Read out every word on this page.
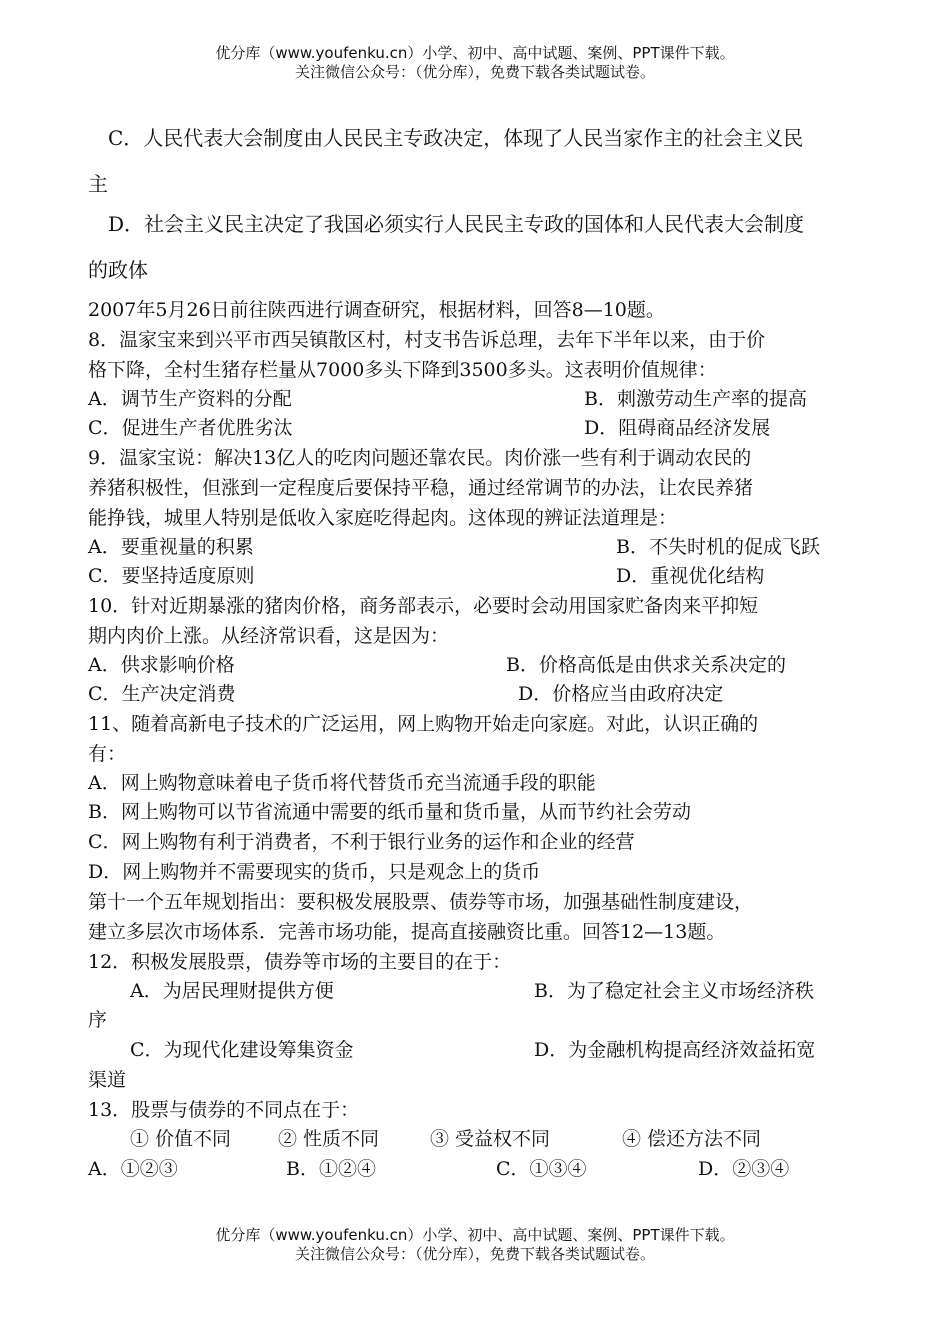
优分库（www.youfenku.cn）小学、初中、高中试题、案例、PPT课件下载。
关注微信公众号：（优分库），免费下载各类试题试卷。
C．人民代表大会制度由人民民主专政决定，体现了人民当家作主的社会主义民
主
D．社会主义民主决定了我国必须实行人民民主专政的国体和人民代表大会制度
的政体
2007年5月26日前往陕西进行调查研究，根据材料，回答8—10题。
8．温家宝来到兴平市西吴镇散区村，村支书告诉总理，去年下半年以来，由于价
格下降，全村生猪存栏量从7000多头下降到3500多头。这表明价值规律：
A．调节生产资料的分配	B．刺激劳动生产率的提高
C．促进生产者优胜劣汰	D．阻碍商品经济发展
9．温家宝说：解决13亿人的吃肉问题还靠农民。肉价涨一些有利于调动农民的
养猪积极性，但涨到一定程度后要保持平稳，通过经常调节的办法，让农民养猪
能挣钱，城里人特别是低收入家庭吃得起肉。这体现的辨证法道理是：
A．要重视量的积累	B．不失时机的促成飞跃
C．要坚持适度原则	D．重视优化结构
10．针对近期暴涨的猪肉价格，商务部表示，必要时会动用国家贮备肉来平抑短
期内肉价上涨。从经济常识看，这是因为：
A．供求影响价格	B．价格高低是由供求关系决定的
C．生产决定消费	D．价格应当由政府决定
11、随着高新电子技术的广泛运用，网上购物开始走向家庭。对此，认识正确的
有：
A．网上购物意味着电子货币将代替货币充当流通手段的职能
B．网上购物可以节省流通中需要的纸币量和货币量，从而节约社会劳动
C．网上购物有利于消费者，不利于银行业务的运作和企业的经营
D．网上购物并不需要现实的货币，只是观念上的货币
第十一个五年规划指出：要积极发展股票、债券等市场，加强基础性制度建设，
建立多层次市场体系．完善市场功能，提高直接融资比重。回答12—13题。
12．积极发展股票，债券等市场的主要目的在于：
A．为居民理财提供方便	B．为了稳定社会主义市场经济秩
序
C．为现代化建设筹集资金	D．为金融机构提高经济效益拓宽
渠道
13．股票与债券的不同点在于：
① 价值不同 ② 性质不同	③ 受益权不同	④ 偿还方法不同
A．①②③	B．①②④	C．①③④	D．②③④
优分库（www.youfenku.cn）小学、初中、高中试题、案例、PPT课件下载。
关注微信公众号：（优分库），免费下载各类试题试卷。
